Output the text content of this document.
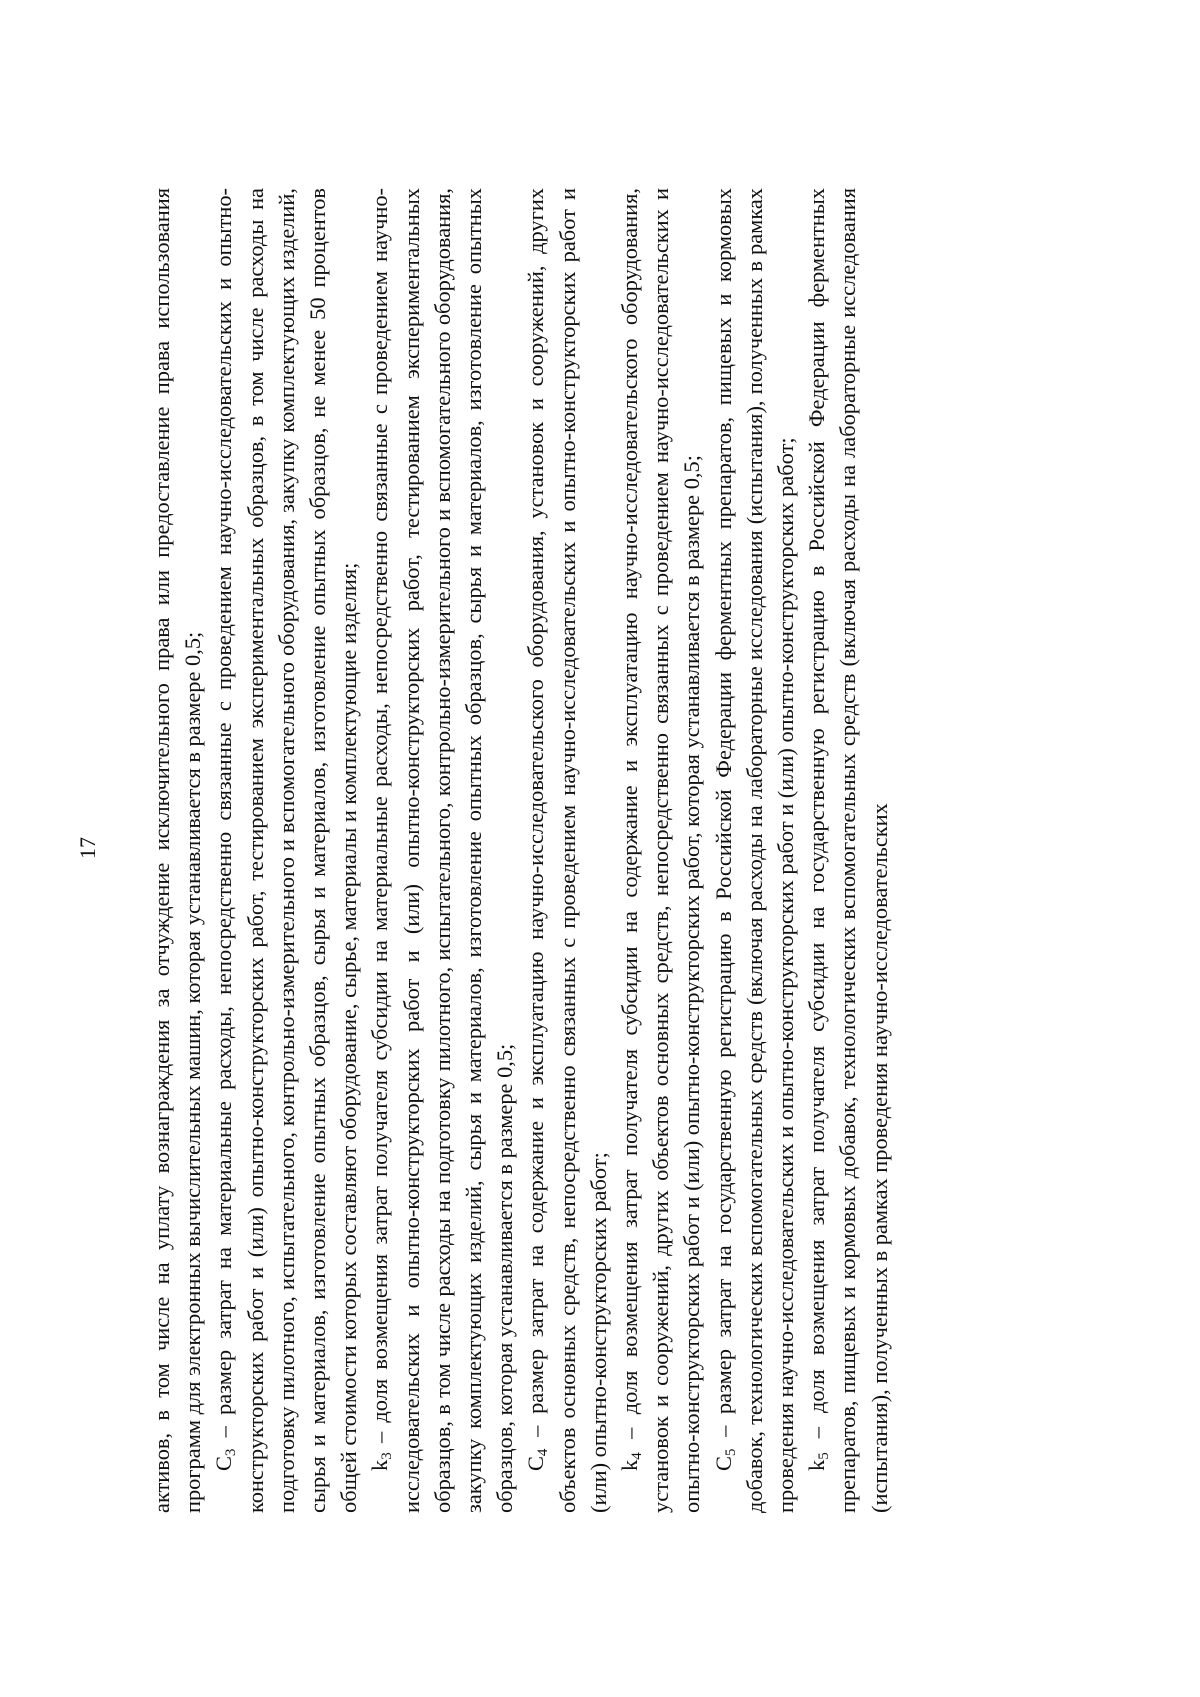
17 активов, в том числе на уплату вознаграждения за отчуждение исключительного права или предоставление права использования программ для электронных вычислительных машин, которая устанавливается в размере 0,5; $C_3$ – размер затрат на материальные расходы, непосредственно связанные с проведением научно-исследовательских и опытно-конструкторских работ и (или) опытно-конструкторских работ, тестированием экспериментальных образцов, в том числе расходы на подготовку пилотного, испытательного, контрольно-измерительного и вспомогательного оборудования, закупку комплектующих изделий, сырья и материалов, изготовление опытных образцов, сырья и материалов, изготовление опытных образцов, не менее 50 процентов общей стоимости которых составляют оборудование, сырье, материалы и комплектующие изделия; $k_3$ – доля возмещения затрат получателя субсидии на материальные расходы, непосредственно связанные с проведением научно-исследовательских и опытно-конструкторских работ и (или) опытно-конструкторских работ, тестированием экспериментальных образцов, в том числе расходы на подготовку пилотного, испытательного, контрольно-измерительного и вспомогательного оборудования, закупку комплектующих изделий, сырья и материалов, изготовление опытных образцов, сырья и материалов, изготовление опытных образцов, которая устанавливается в размере 0,5; $C_4$ – размер затрат на содержание и эксплуатацию научно-исследовательского оборудования, установок и сооружений, других объектов основных средств, непосредственно связанных с проведением научно-исследовательских и опытно-конструкторских работ и (или) опытно-конструкторских работ; $k_4$ – доля возмещения затрат получателя субсидии на содержание и эксплуатацию научно-исследовательского оборудования, установок и сооружений, других объектов основных средств, непосредственно связанных с проведением научно-исследовательских и опытно-конструкторских работ и (или) опытно-конструкторских работ, которая устанавливается в размере 0,5; $C_5$ – размер затрат на государственную регистрацию в Российской Федерации ферментных препаратов, пищевых и кормовых добавок, технологических вспомогательных средств (включая расходы на лабораторные исследования (испытания), полученных в рамках проведения научно-исследовательских и опытно-конструкторских работ и (или) опытно-конструкторских работ; $k_5$ – доля возмещения затрат получателя субсидии на государственную регистрацию в Российской Федерации ферментных препаратов, пищевых и кормовых добавок, технологических вспомогательных средств (включая расходы на лабораторные исследования (испытания), полученных в рамках проведения научно-исследовательских
